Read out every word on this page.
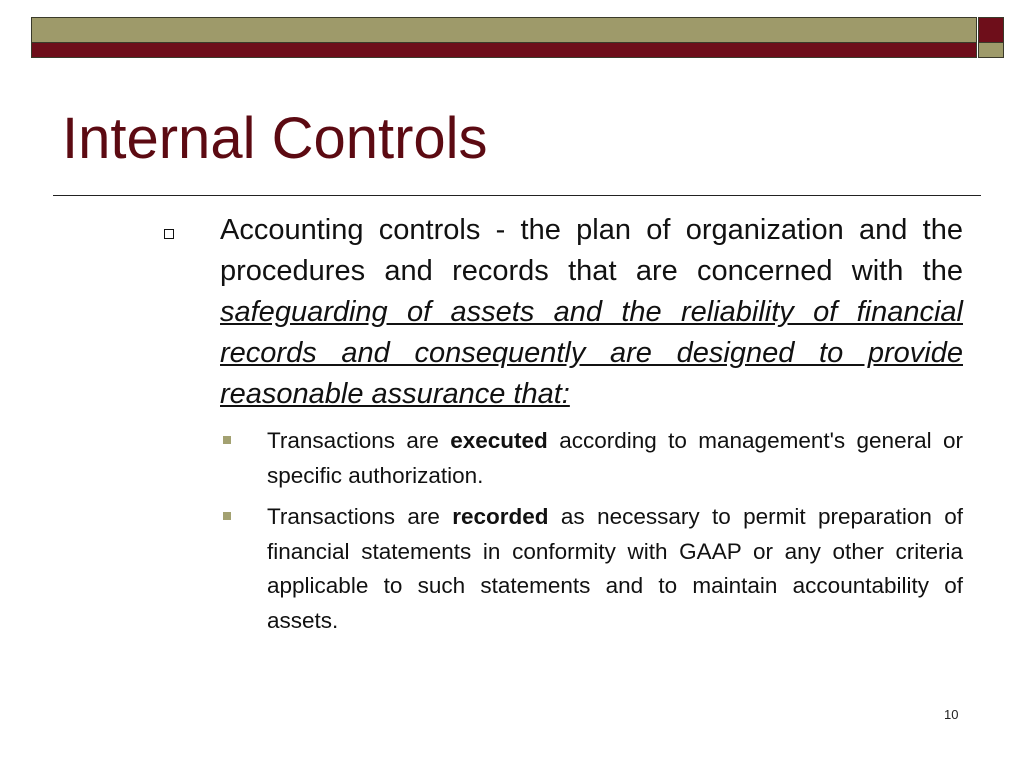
Internal Controls

Accounting controls - the plan of organization and the procedures and records that are concerned with the safeguarding of assets and the reliability of financial records and consequently are designed to provide reasonable assurance that:

Transactions are executed according to management's general or specific authorization.

Transactions are recorded as necessary to permit preparation of financial statements in conformity with GAAP or any other criteria applicable to such statements and to maintain accountability of assets.

10
